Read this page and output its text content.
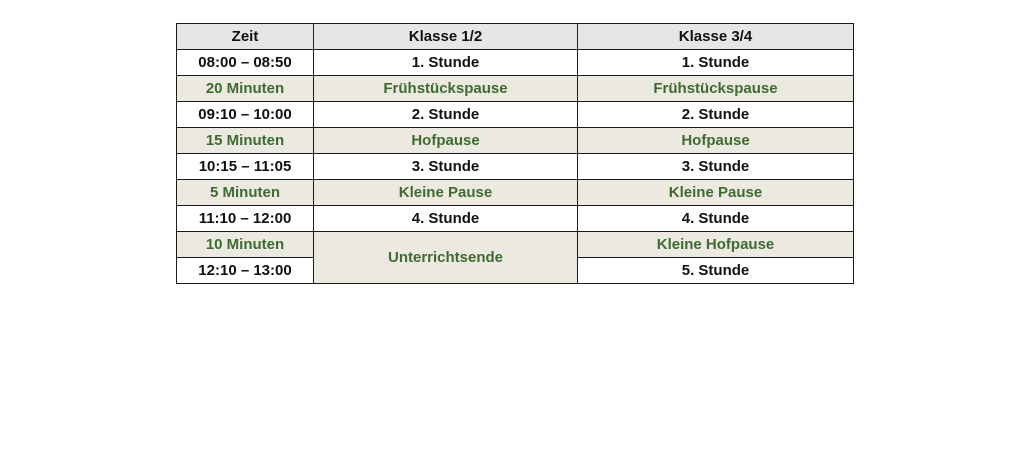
Zeit	Klasse 1/2	Klasse 3/4
08:00 – 08:50	1. Stunde	1. Stunde
20 Minuten	Frühstückspause	Frühstückspause
09:10 – 10:00	2. Stunde	2. Stunde
15 Minuten	Hofpause	Hofpause
10:15 – 11:05	3. Stunde	3. Stunde
5 Minuten	Kleine Pause	Kleine Pause
11:10 – 12:00	4. Stunde	4. Stunde
10 Minuten	Unterrichtsende	Kleine Hofpause
12:10 – 13:00		5. Stunde
